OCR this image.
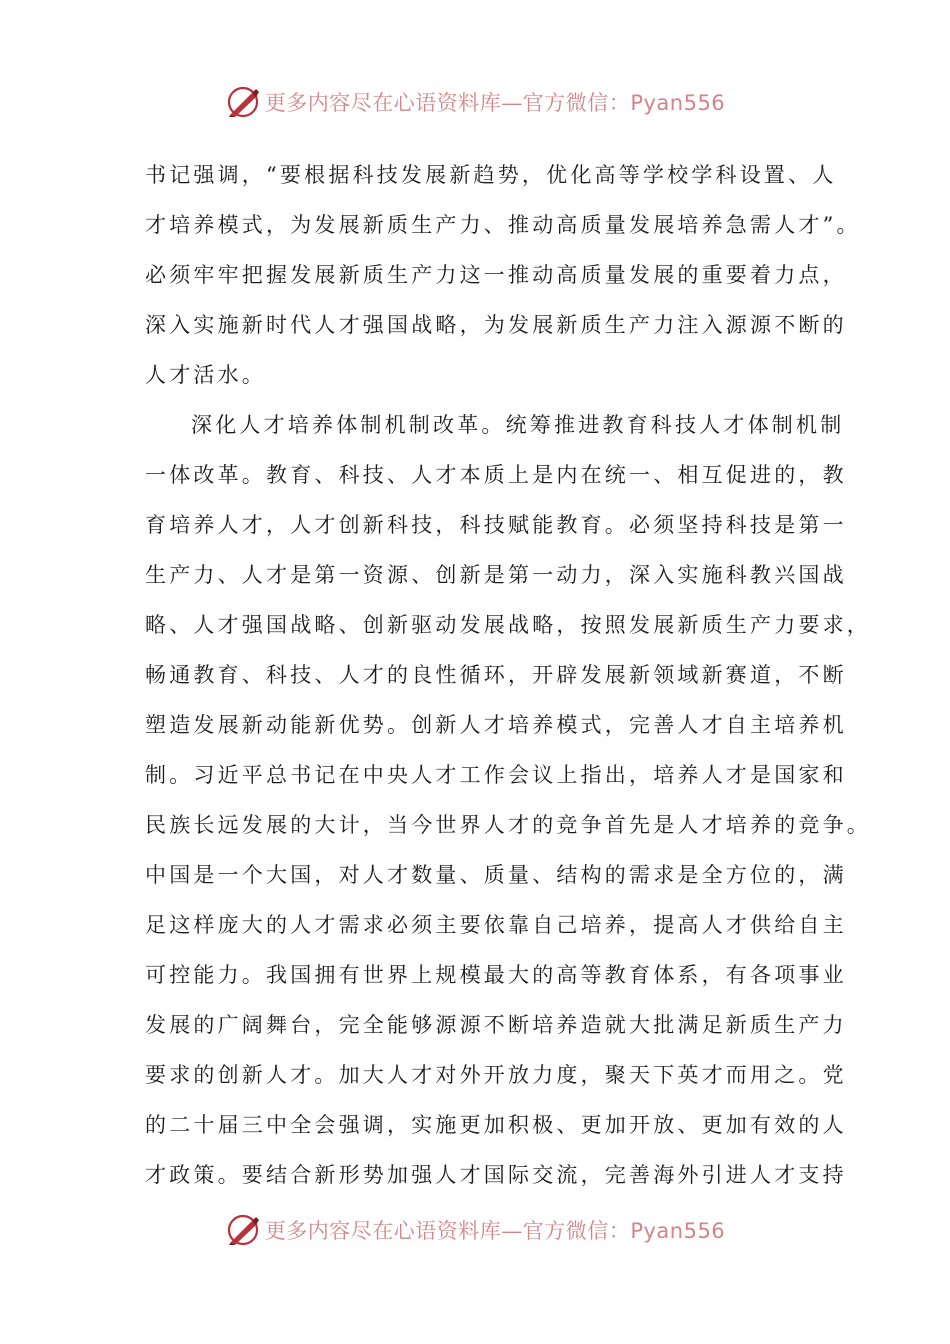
更多内容尽在心语资料库—官方微信：Pyan556
书记强调，“要根据科技发展新趋势，优化高等学校学科设置、人
才培养模式，为发展新质生产力、推动高质量发展培养急需人才”。
必须牢牢把握发展新质生产力这一推动高质量发展的重要着力点，
深入实施新时代人才强国战略，为发展新质生产力注入源源不断的
人才活水。
深化人才培养体制机制改革。统筹推进教育科技人才体制机制
一体改革。教育、科技、人才本质上是内在统一、相互促进的，教
育培养人才，人才创新科技，科技赋能教育。必须坚持科技是第一
生产力、人才是第一资源、创新是第一动力，深入实施科教兴国战
略、人才强国战略、创新驱动发展战略，按照发展新质生产力要求，
畅通教育、科技、人才的良性循环，开辟发展新领域新赛道，不断
塑造发展新动能新优势。创新人才培养模式，完善人才自主培养机
制。习近平总书记在中央人才工作会议上指出，培养人才是国家和
民族长远发展的大计，当今世界人才的竞争首先是人才培养的竞争。
中国是一个大国，对人才数量、质量、结构的需求是全方位的，满
足这样庞大的人才需求必须主要依靠自己培养，提高人才供给自主
可控能力。我国拥有世界上规模最大的高等教育体系，有各项事业
发展的广阔舞台，完全能够源源不断培养造就大批满足新质生产力
要求的创新人才。加大人才对外开放力度，聚天下英才而用之。党
的二十届三中全会强调，实施更加积极、更加开放、更加有效的人
才政策。要结合新形势加强人才国际交流，完善海外引进人才支持
更多内容尽在心语资料库—官方微信：Pyan556
